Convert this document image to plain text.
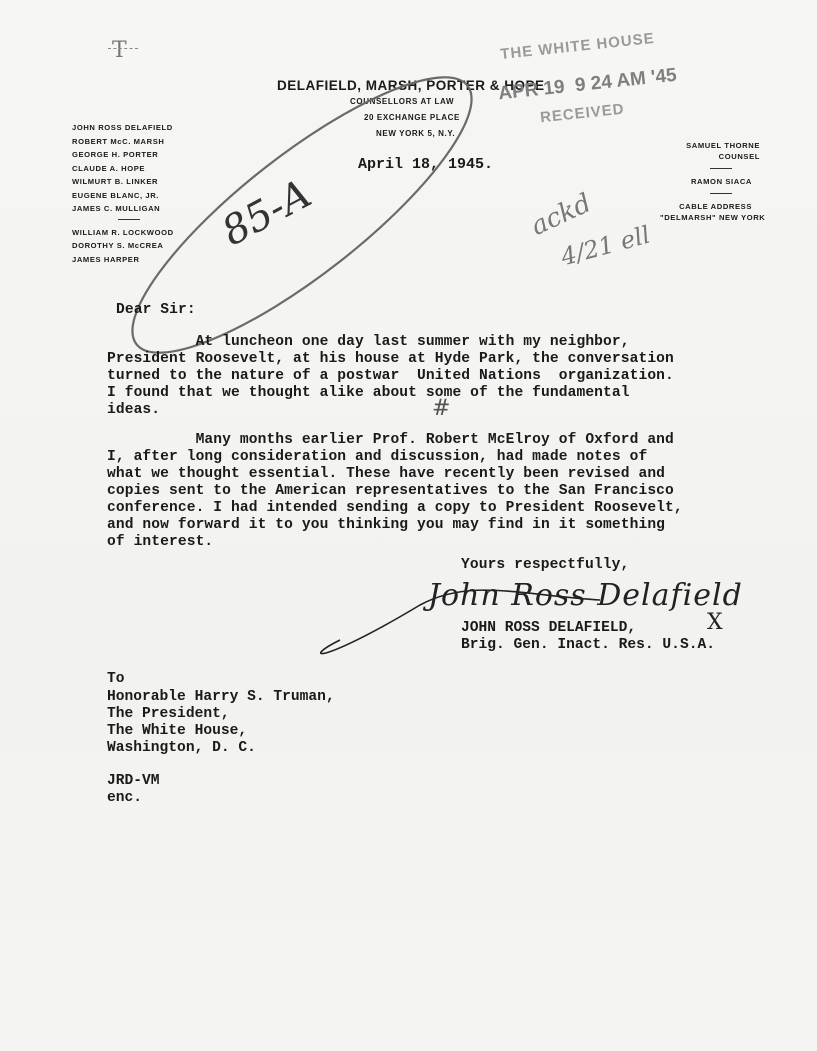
T
DELAFIELD, MARSH, PORTER & HOPE
COUNSELLORS AT LAW
20 EXCHANGE PLACE
NEW YORK 5, N.Y.
JOHN ROSS DELAFIELD
ROBERT McC. MARSH
GEORGE H. PORTER
CLAUDE A. HOPE
WILMURT B. LINKER
EUGENE BLANC, JR.
JAMES C. MULLIGAN
WILLIAM R. LOCKWOOD
DOROTHY S. McCREA
JAMES HARPER
SAMUEL THORNE
COUNSEL
RAMON SIACA
CABLE ADDRESS
"DELMARSH" NEW YORK
THE WHITE HOUSE
APR 19  9 24 AM '45
RECEIVED
85-A	ackd
4/21 ell
April 18, 1945.
Dear Sir:
At luncheon one day last summer with my neighbor,
President Roosevelt, at his house at Hyde Park, the conversation
turned to the nature of a postwar  United Nations  organization.
I found that we thought alike about some of the fundamental
ideas.	#
Many months earlier Prof. Robert McElroy of Oxford and
I, after long consideration and discussion, had made notes of
what we thought essential. These have recently been revised and
copies sent to the American representatives to the San Francisco
conference. I had intended sending a copy to President Roosevelt,
and now forward it to you thinking you may find in it something
of interest.
Yours respectfully,
John Ross Delafield
X
JOHN ROSS DELAFIELD,
Brig. Gen. Inact. Res. U.S.A.
To
Honorable Harry S. Truman,
The President,
The White House,
Washington, D. C.
JRD-VM
enc.
